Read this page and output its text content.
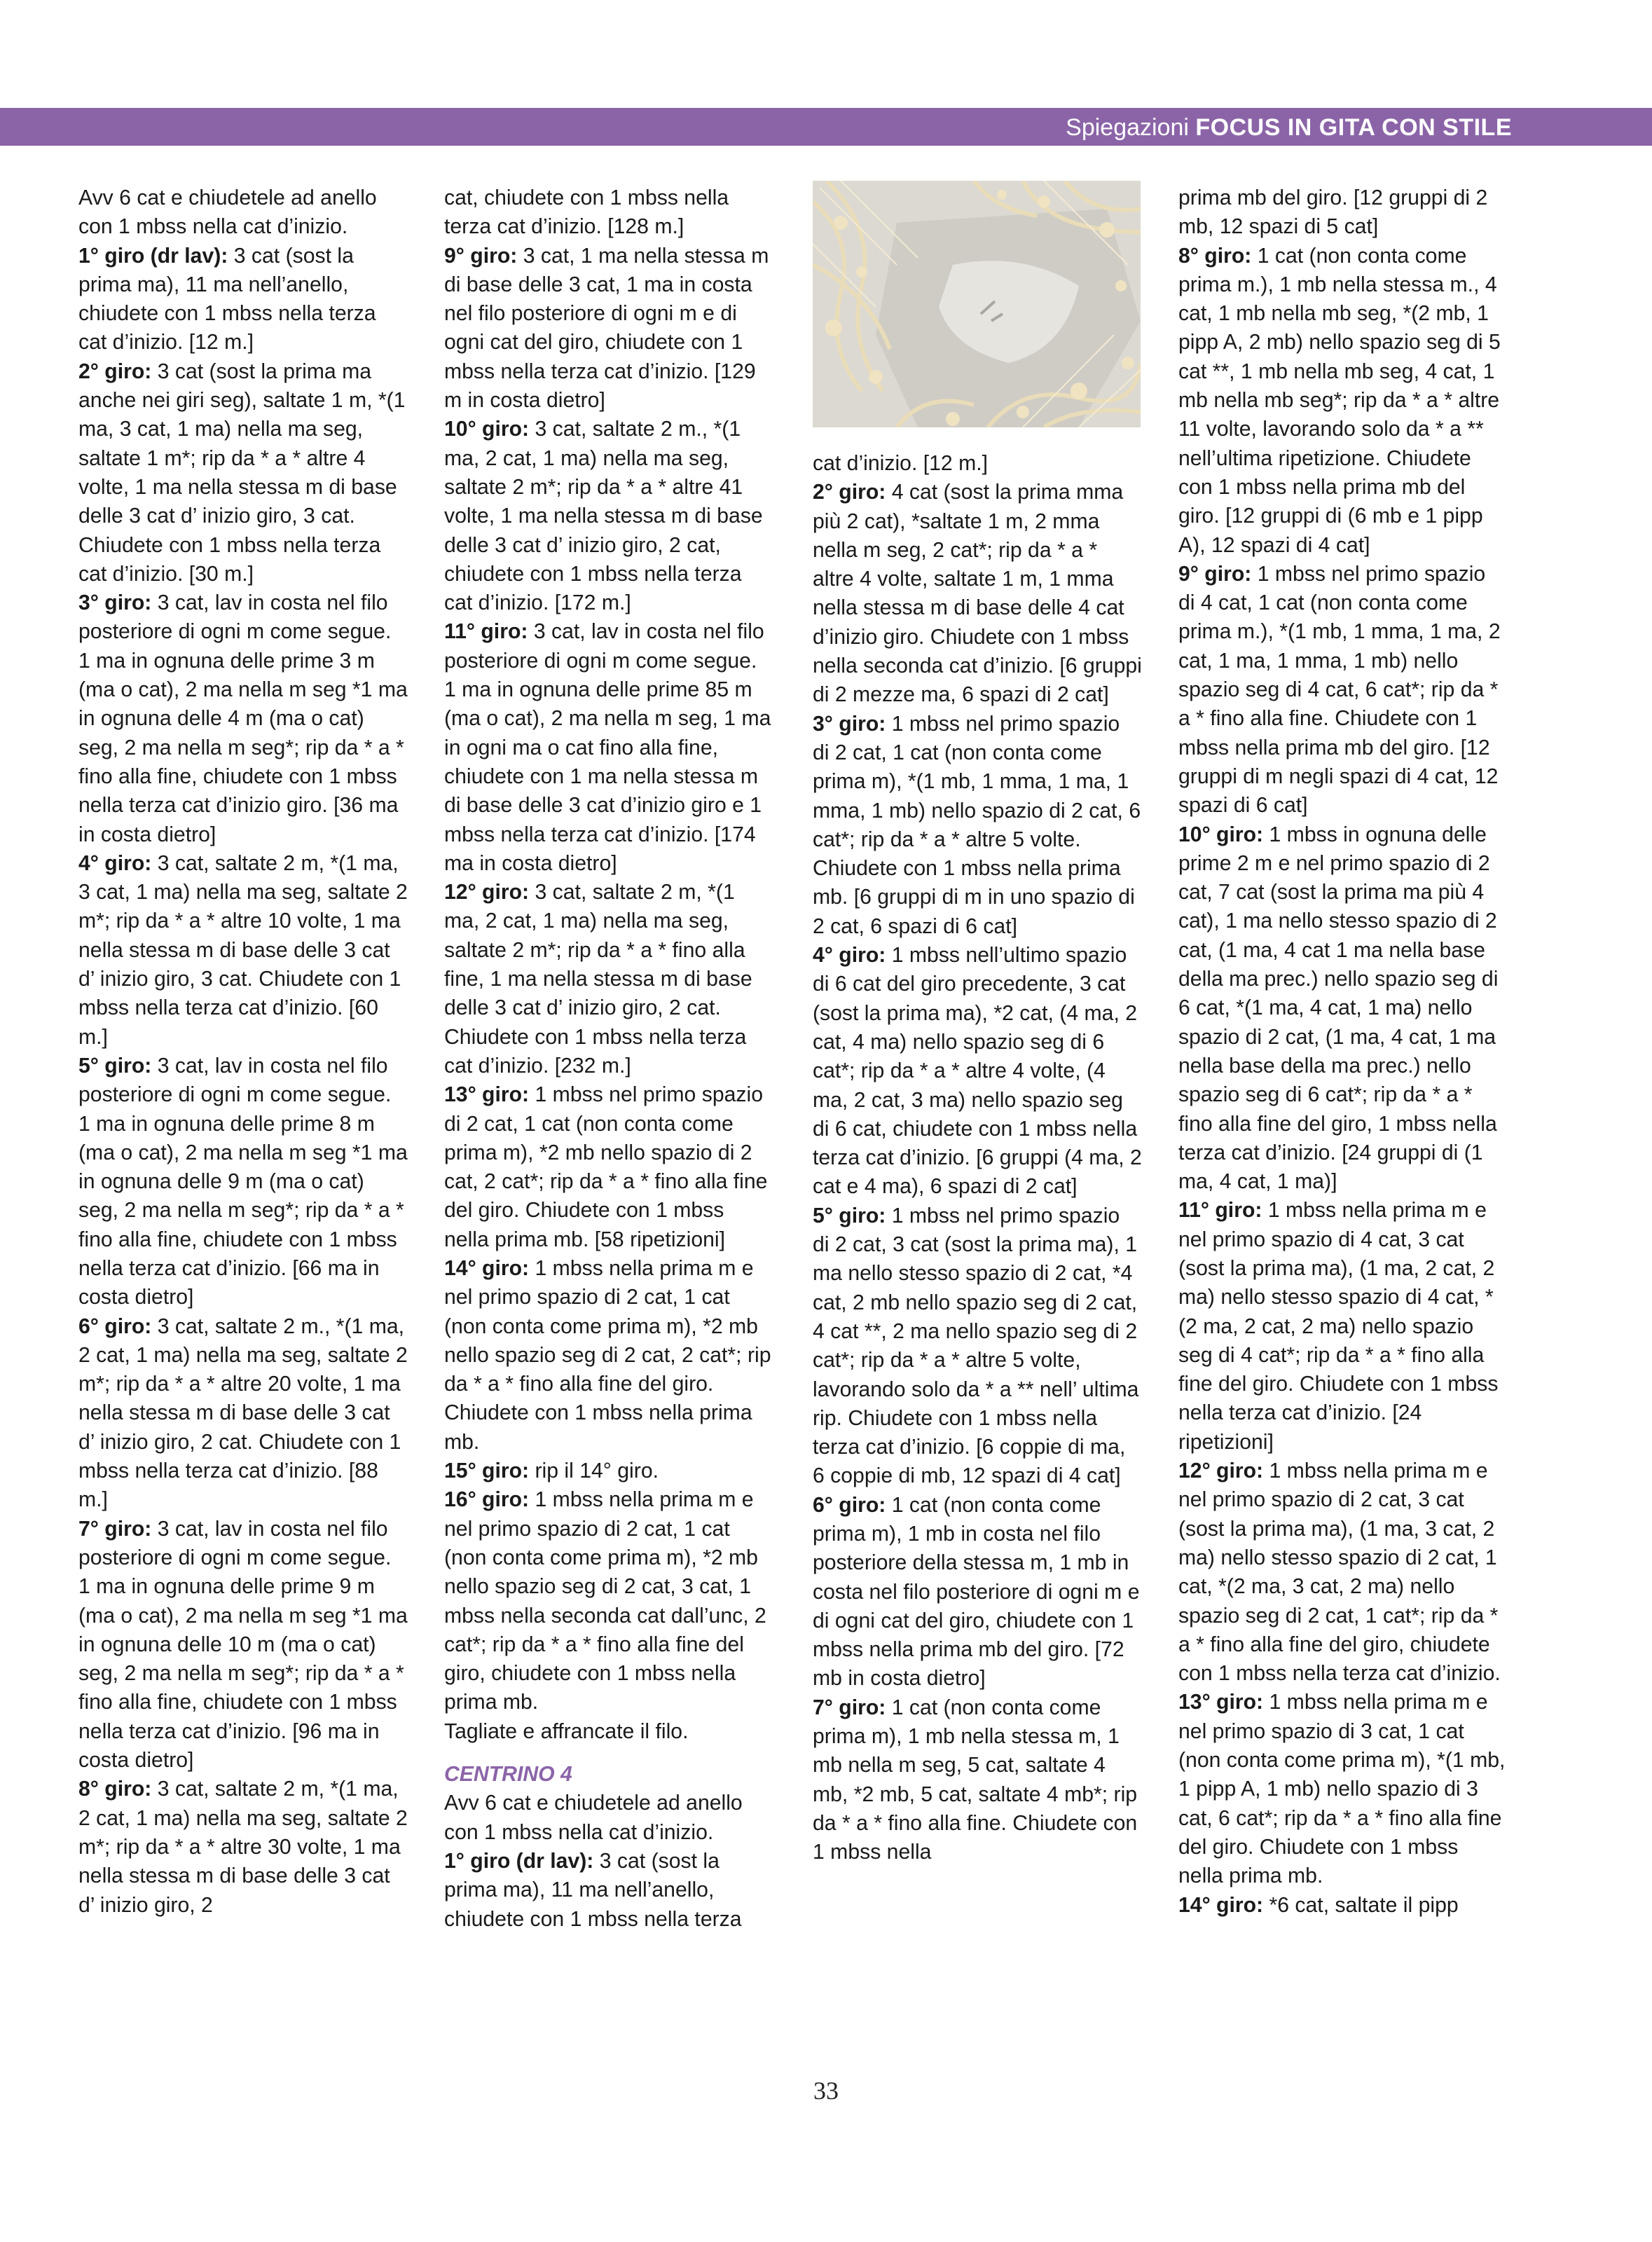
Spiegazioni FOCUS IN GITA CON STILE

Avv 6 cat e chiudetele ad anello con 1 mbss nella cat d’inizio.

1° giro (dr lav): 3 cat (sost la prima ma), 11 ma nell’anello, chiudete con 1 mbss nella terza cat d’inizio. [12 m.]

2° giro: 3 cat (sost la prima ma anche nei giri seg), saltate 1 m, *(1 ma, 3 cat, 1 ma) nella ma seg, saltate 1 m*; rip da * a * altre 4 volte, 1 ma nella stessa m di base delle 3 cat d’ inizio giro, 3 cat. Chiudete con 1 mbss nella terza cat d’inizio. [30 m.]

3° giro: 3 cat, lav in costa nel filo posteriore di ogni m come segue. 1 ma in ognuna delle prime 3 m (ma o cat), 2 ma nella m seg *1 ma in ognuna delle 4 m (ma o cat) seg, 2 ma nella m seg*; rip da * a * fino alla fine, chiudete con 1 mbss nella terza cat d’inizio giro. [36 ma in costa dietro]

4° giro: 3 cat, saltate 2 m, *(1 ma, 3 cat, 1 ma) nella ma seg, saltate 2 m*; rip da * a * altre 10 volte, 1 ma nella stessa m di base delle 3 cat d’ inizio giro, 3 cat. Chiudete con 1 mbss nella terza cat d’inizio. [60 m.]

5° giro: 3 cat, lav in costa nel filo posteriore di ogni m come segue. 1 ma in ognuna delle prime 8 m (ma o cat), 2 ma nella m seg *1 ma in ognuna delle 9 m (ma o cat) seg, 2 ma nella m seg*; rip da * a * fino alla fine, chiudete con 1 mbss nella terza cat d’inizio. [66 ma in costa dietro]

6° giro: 3 cat, saltate 2 m., *(1 ma, 2 cat, 1 ma) nella ma seg, saltate 2 m*; rip da * a * altre 20 volte, 1 ma nella stessa m di base delle 3 cat d’ inizio giro, 2 cat. Chiudete con 1 mbss nella terza cat d’inizio. [88 m.]

7° giro: 3 cat, lav in costa nel filo posteriore di ogni m come segue. 1 ma in ognuna delle prime 9 m (ma o cat), 2 ma nella m seg *1 ma in ognuna delle 10 m (ma o cat) seg, 2 ma nella m seg*; rip da * a * fino alla fine, chiudete con 1 mbss nella terza cat d’inizio. [96 ma in costa dietro]

8° giro: 3 cat, saltate 2 m, *(1 ma, 2 cat, 1 ma) nella ma seg, saltate 2 m*; rip da * a * altre 30 volte, 1 ma nella stessa m di base delle 3 cat d’ inizio giro, 2

cat, chiudete con 1 mbss nella terza cat d’inizio. [128 m.]

9° giro: 3 cat, 1 ma nella stessa m di base delle 3 cat, 1 ma in costa nel filo posteriore di ogni m e di ogni cat del giro, chiudete con 1 mbss nella terza cat d’inizio. [129 m in costa dietro]

10° giro: 3 cat, saltate 2 m., *(1 ma, 2 cat, 1 ma) nella ma seg, saltate 2 m*; rip da * a * altre 41 volte, 1 ma nella stessa m di base delle 3 cat d’ inizio giro, 2 cat, chiudete con 1 mbss nella terza cat d’inizio. [172 m.]

11° giro: 3 cat, lav in costa nel filo posteriore di ogni m come segue. 1 ma in ognuna delle prime 85 m (ma o cat), 2 ma nella m seg, 1 ma in ogni ma o cat fino alla fine, chiudete con 1 ma nella stessa m di base delle 3 cat d’inizio giro e 1 mbss nella terza cat d’inizio. [174 ma in costa dietro]

12° giro: 3 cat, saltate 2 m, *(1 ma, 2 cat, 1 ma) nella ma seg, saltate 2 m*; rip da * a * fino alla fine, 1 ma nella stessa m di base delle 3 cat d’ inizio giro, 2 cat. Chiudete con 1 mbss nella terza cat d’inizio. [232 m.]

13° giro: 1 mbss nel primo spazio di 2 cat, 1 cat (non conta come prima m), *2 mb nello spazio di 2 cat, 2 cat*; rip da * a * fino alla fine del giro. Chiudete con 1 mbss nella prima mb. [58 ripetizioni]

14° giro: 1 mbss nella prima m e nel primo spazio di 2 cat, 1 cat (non conta come prima m), *2 mb nello spazio seg di 2 cat, 2 cat*; rip da * a * fino alla fine del giro. Chiudete con 1 mbss nella prima mb.

15° giro: rip il 14° giro.

16° giro: 1 mbss nella prima m e nel primo spazio di 2 cat, 1 cat (non conta come prima m), *2 mb nello spazio seg di 2 cat, 3 cat, 1 mbss nella seconda cat dall’unc, 2 cat*; rip da * a * fino alla fine del giro, chiudete con 1 mbss nella prima mb.

Tagliate e affrancate il filo.

CENTRINO 4

Avv 6 cat e chiudetele ad anello con 1 mbss nella cat d’inizio.

1° giro (dr lav): 3 cat (sost la prima ma), 11 ma nell’anello, chiudete con 1 mbss nella terza

cat d’inizio. [12 m.]

2° giro: 4 cat (sost la prima mma più 2 cat), *saltate 1 m, 2 mma nella m seg, 2 cat*; rip da * a * altre 4 volte, saltate 1 m, 1 mma nella stessa m di base delle 4 cat d’inizio giro. Chiudete con 1 mbss nella seconda cat d’inizio. [6 gruppi di 2 mezze ma, 6 spazi di 2 cat]

3° giro: 1 mbss nel primo spazio di 2 cat, 1 cat (non conta come prima m), *(1 mb, 1 mma, 1 ma, 1 mma, 1 mb) nello spazio di 2 cat, 6 cat*; rip da * a * altre 5 volte. Chiudete con 1 mbss nella prima mb. [6 gruppi di m in uno spazio di 2 cat, 6 spazi di 6 cat]

4° giro: 1 mbss nell’ultimo spazio di 6 cat del giro precedente, 3 cat (sost la prima ma), *2 cat, (4 ma, 2 cat, 4 ma) nello spazio seg di 6 cat*; rip da * a * altre 4 volte, (4 ma, 2 cat, 3 ma) nello spazio seg di 6 cat, chiudete con 1 mbss nella terza cat d’inizio. [6 gruppi (4 ma, 2 cat e 4 ma), 6 spazi di 2 cat]

5° giro: 1 mbss nel primo spazio di 2 cat, 3 cat (sost la prima ma), 1 ma nello stesso spazio di 2 cat, *4 cat, 2 mb nello spazio seg di 2 cat, 4 cat **, 2 ma nello spazio seg di 2 cat*; rip da * a * altre 5 volte, lavorando solo da * a ** nell’ ultima rip. Chiudete con 1 mbss nella terza cat d’inizio. [6 coppie di ma, 6 coppie di mb, 12 spazi di 4 cat]

6° giro: 1 cat (non conta come prima m), 1 mb in costa nel filo posteriore della stessa m, 1 mb in costa nel filo posteriore di ogni m e di ogni cat del giro, chiudete con 1 mbss nella prima mb del giro. [72 mb in costa dietro]

7° giro: 1 cat (non conta come prima m), 1 mb nella stessa m, 1 mb nella m seg, 5 cat, saltate 4 mb, *2 mb, 5 cat, saltate 4 mb*; rip da * a * fino alla fine. Chiudete con 1 mbss nella

prima mb del giro. [12 gruppi di 2 mb, 12 spazi di 5 cat]

8° giro: 1 cat (non conta come prima m.), 1 mb nella stessa m., 4 cat, 1 mb nella mb seg, *(2 mb, 1 pipp A, 2 mb) nello spazio seg di 5 cat **, 1 mb nella mb seg, 4 cat, 1 mb nella mb seg*; rip da * a * altre 11 volte, lavorando solo da * a ** nell’ultima ripetizione. Chiudete con 1 mbss nella prima mb del giro. [12 gruppi di (6 mb e 1 pipp A), 12 spazi di 4 cat]

9° giro: 1 mbss nel primo spazio di 4 cat, 1 cat (non conta come prima m.), *(1 mb, 1 mma, 1 ma, 2 cat, 1 ma, 1 mma, 1 mb) nello spazio seg di 4 cat, 6 cat*; rip da * a * fino alla fine. Chiudete con 1 mbss nella prima mb del giro. [12 gruppi di m negli spazi di 4 cat, 12 spazi di 6 cat]

10° giro: 1 mbss in ognuna delle prime 2 m e nel primo spazio di 2 cat, 7 cat (sost la prima ma più 4 cat), 1 ma nello stesso spazio di 2 cat, (1 ma, 4 cat 1 ma nella base della ma prec.) nello spazio seg di 6 cat, *(1 ma, 4 cat, 1 ma) nello spazio di 2 cat, (1 ma, 4 cat, 1 ma nella base della ma prec.) nello spazio seg di 6 cat*; rip da * a * fino alla fine del giro, 1 mbss nella terza cat d’inizio. [24 gruppi di (1 ma, 4 cat, 1 ma)]

11° giro: 1 mbss nella prima m e nel primo spazio di 4 cat, 3 cat (sost la prima ma), (1 ma, 2 cat, 2 ma) nello stesso spazio di 4 cat, *(2 ma, 2 cat, 2 ma) nello spazio seg di 4 cat*; rip da * a * fino alla fine del giro. Chiudete con 1 mbss nella terza cat d’inizio. [24 ripetizioni]

12° giro: 1 mbss nella prima m e nel primo spazio di 2 cat, 3 cat (sost la prima ma), (1 ma, 3 cat, 2 ma) nello stesso spazio di 2 cat, 1 cat, *(2 ma, 3 cat, 2 ma) nello spazio seg di 2 cat, 1 cat*; rip da * a * fino alla fine del giro, chiudete con 1 mbss nella terza cat d’inizio.

13° giro: 1 mbss nella prima m e nel primo spazio di 3 cat, 1 cat (non conta come prima m), *(1 mb, 1 pipp A, 1 mb) nello spazio di 3 cat, 6 cat*; rip da * a * fino alla fine del giro. Chiudete con 1 mbss nella prima mb.

14° giro: *6 cat, saltate il pipp

33
